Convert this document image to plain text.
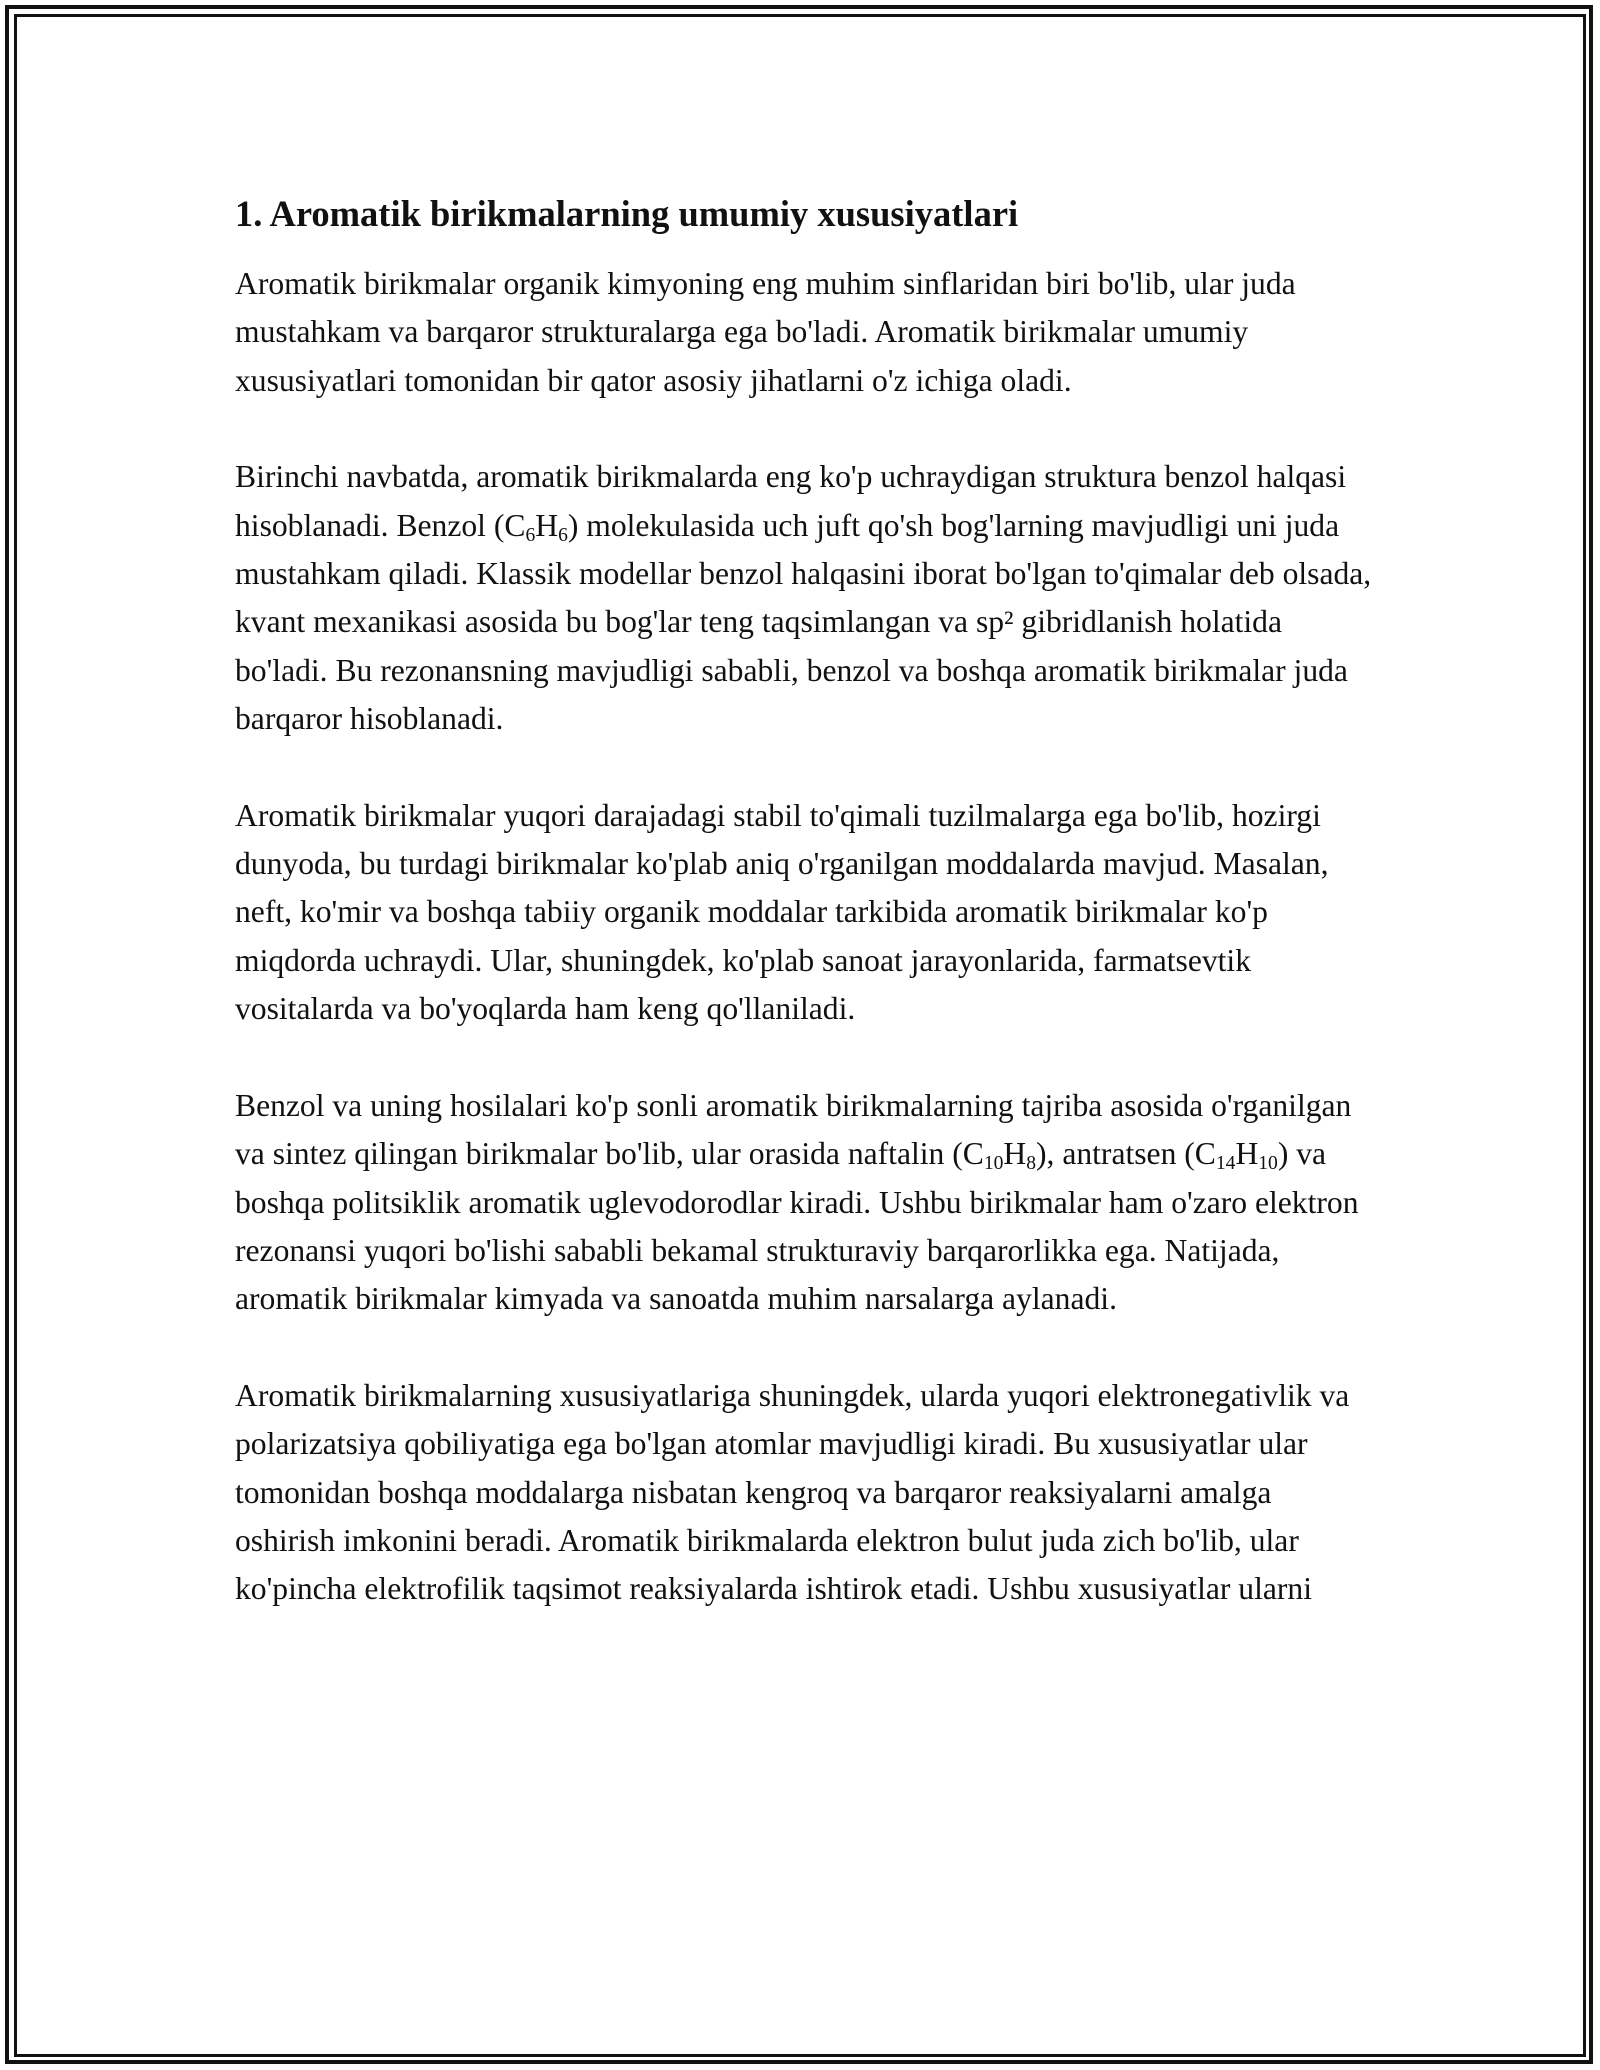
1. Aromatik birikmalarning umumiy xususiyatlari

Aromatik birikmalar organik kimyoning eng muhim sinflaridan biri bo'lib, ular juda mustahkam va barqaror strukturalarga ega bo'ladi. Aromatik birikmalar umumiy xususiyatlari tomonidan bir qator asosiy jihatlarni o'z ichiga oladi.

Birinchi navbatda, aromatik birikmalarda eng ko'p uchraydigan struktura benzol halqasi hisoblanadi. Benzol $(C_6H_6)$ molekulasida uch juft qo'sh bog'larning mavjudligi uni juda mustahkam qiladi. Klassik modellar benzol halqasini iborat bo'lgan to'qimalar deb olsada, kvant mexanikasi asosida bu bog'lar teng taqsimlangan va sp² gibridlanish holatida bo'ladi. Bu rezonansning mavjudligi sababli, benzol va boshqa aromatik birikmalar juda barqaror hisoblanadi.

Aromatik birikmalar yuqori darajadagi stabil to'qimali tuzilmalarga ega bo'lib, hozirgi dunyoda, bu turdagi birikmalar ko'plab aniq o'rganilgan moddalarda mavjud. Masalan, neft, ko'mir va boshqa tabiiy organik moddalar tarkibida aromatik birikmalar ko'p miqdorda uchraydi. Ular, shuningdek, ko'plab sanoat jarayonlarida, farmatsevtik vositalarda va bo'yoqlarda ham keng qo'llaniladi.

Benzol va uning hosilalari ko'p sonli aromatik birikmalarning tajriba asosida o'rganilgan va sintez qilingan birikmalar bo'lib, ular orasida naftalin $(C_{10}H_8)$, antratsen $(C_{14}H_{10})$ va boshqa politsiklik aromatik uglevodorodlar kiradi. Ushbu birikmalar ham o'zaro elektron rezonansi yuqori bo'lishi sababli bekamal strukturaviy barqarorlikka ega. Natijada, aromatik birikmalar kimyada va sanoatda muhim narsalarga aylanadi.

Aromatik birikmalarning xususiyatlariga shuningdek, ularda yuqori elektronegativlik va polarizatsiya qobiliyatiga ega bo'lgan atomlar mavjudligi kiradi. Bu xususiyatlar ular tomonidan boshqa moddalarga nisbatan kengroq va barqaror reaksiyalarni amalga oshirish imkonini beradi. Aromatik birikmalarda elektron bulut juda zich bo'lib, ular ko'pincha elektrofilik taqsimot reaksiyalarda ishtirok etadi. Ushbu xususiyatlar ularni
